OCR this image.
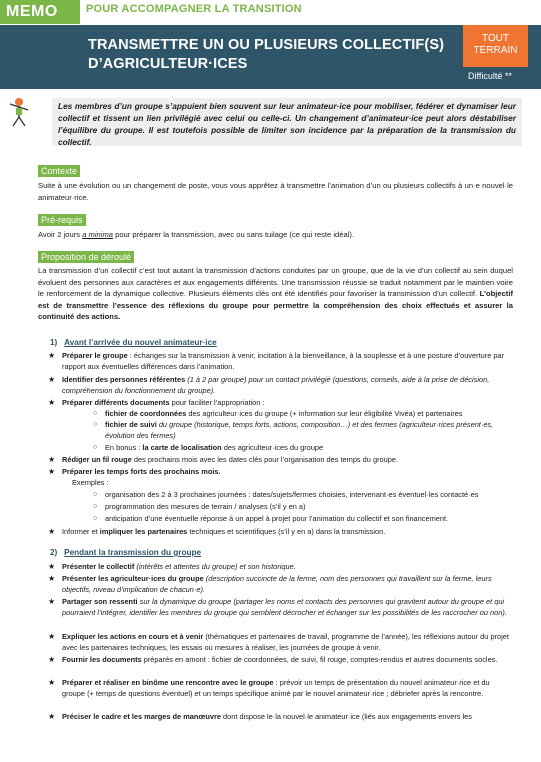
MEMO	POUR ACCOMPAGNER LA TRANSITION
TRANSMETTRE UN OU PLUSIEURS COLLECTIF(S)
D’AGRICULTEUR·ICES
TOUT
TERRAIN
Difficulté **
Les membres d’un groupe s’appuient bien souvent sur leur animateur·ice pour mobiliser, fédérer et dynamiser leur collectif et tissent un lien privilégié avec celui ou celle-ci. Un changement d’animateur·ice peut alors déstabiliser l’équilibre du groupe. Il est toutefois possible de limiter son incidence par la préparation de la transmission du collectif.
Contexte
Suite à une évolution ou un changement de poste, vous vous apprêtez à transmettre l’animation d’un ou plusieurs collectifs à un·e nouvel·le animateur·rice.
Pré-requis
Avoir 2 jours a minima pour préparer la transmission, avec ou sans tuilage (ce qui reste idéal).
Proposition de déroulé
La transmission d’un collectif c’est tout autant la transmission d’actions conduites par un groupe, que de la vie d’un collectif au sein duquel évoluent des personnes aux caractères et aux engagements différents. Une transmission réussie se traduit notamment par le maintien voire le renforcement de la dynamique collective. Plusieurs éléments clés ont été identifiés pour favoriser la transmission d’un collectif. L’objectif est de transmettre l’essence des réflexions du groupe pour permettre la compréhension des choix effectués et assurer la continuité des actions.
1) Avant l’arrivée du nouvel animateur·ice
★ Préparer le groupe : échanges sur la transmission à venir, incitation à la bienveillance, à la souplesse et à une posture d’ouverture par rapport aux éventuelles différences dans l’animation.
★ Identifier des personnes référentes (1 à 2 par groupe) pour un contact privilégié (questions, conseils, aide à la prise de décision, compréhension du fonctionnement du groupe).
★ Préparer différents documents pour faciliter l’appropriation :
○ fichier de coordonnées des agriculteur·ices du groupe (+ information sur leur éligibilité Vivéa) et partenaires
○ fichier de suivi du groupe (historique, temps forts, actions, composition…) et des fermes (agriculteur·rices présent·es, évolution des fermes)
○ En bonus : la carte de localisation des agriculteur·ices du groupe
★ Rédiger un fil rouge des prochains mois avec les dates clés pour l’organisation des temps du groupe.
★ Préparer les temps forts des prochains mois.
Exemples :
○ organisation des 2 à 3 prochaines journées : dates/sujets/fermes choisies, intervenant·es éventuel·les contacté·es
○ programmation des mesures de terrain / analyses (s’il y en a)
○ anticipation d’une éventuelle réponse à un appel à projet pour l’animation du collectif et son financement.
★ Informer et impliquer les partenaires techniques et scientifiques (s’il y en a) dans la transmission.
2) Pendant la transmission du groupe
★ Présenter le collectif (intérêts et attentes du groupe) et son historique.
★ Présenter les agriculteur·ices du groupe (description succincte de la ferme, nom des personnes qui travaillent sur la ferme, leurs objectifs, niveau d’implication de chacun·e).
★ Partager son ressenti sur la dynamique du groupe (partager les noms et contacts des personnes qui gravitent autour du groupe et qui pourraient l’intégrer, identifier les membres du groupe qui semblent décrocher et échanger sur les possibilités de les raccrocher ou non).
★ Expliquer les actions en cours et à venir (thématiques et partenaires de travail, programme de l’année), les réflexions autour du projet avec les partenaires techniques, les essais ou mesures à réaliser, les journées de groupe à venir.
★ Fournir les documents préparés en amont : fichier de coordonnées, de suivi, fil rouge, comptes-rendus et autres documents socles.
★ Préparer et réaliser en binôme une rencontre avec le groupe : prévoir un temps de présentation du nouvel animateur·rice et du groupe (+ temps de questions éventuel) et un temps spécifique animé par le nouvel animateur·rice ; débriefer après la rencontre.
★ Préciser le cadre et les marges de manœuvre dont dispose le·la nouvel·le animateur·ice (liés aux engagements envers les
